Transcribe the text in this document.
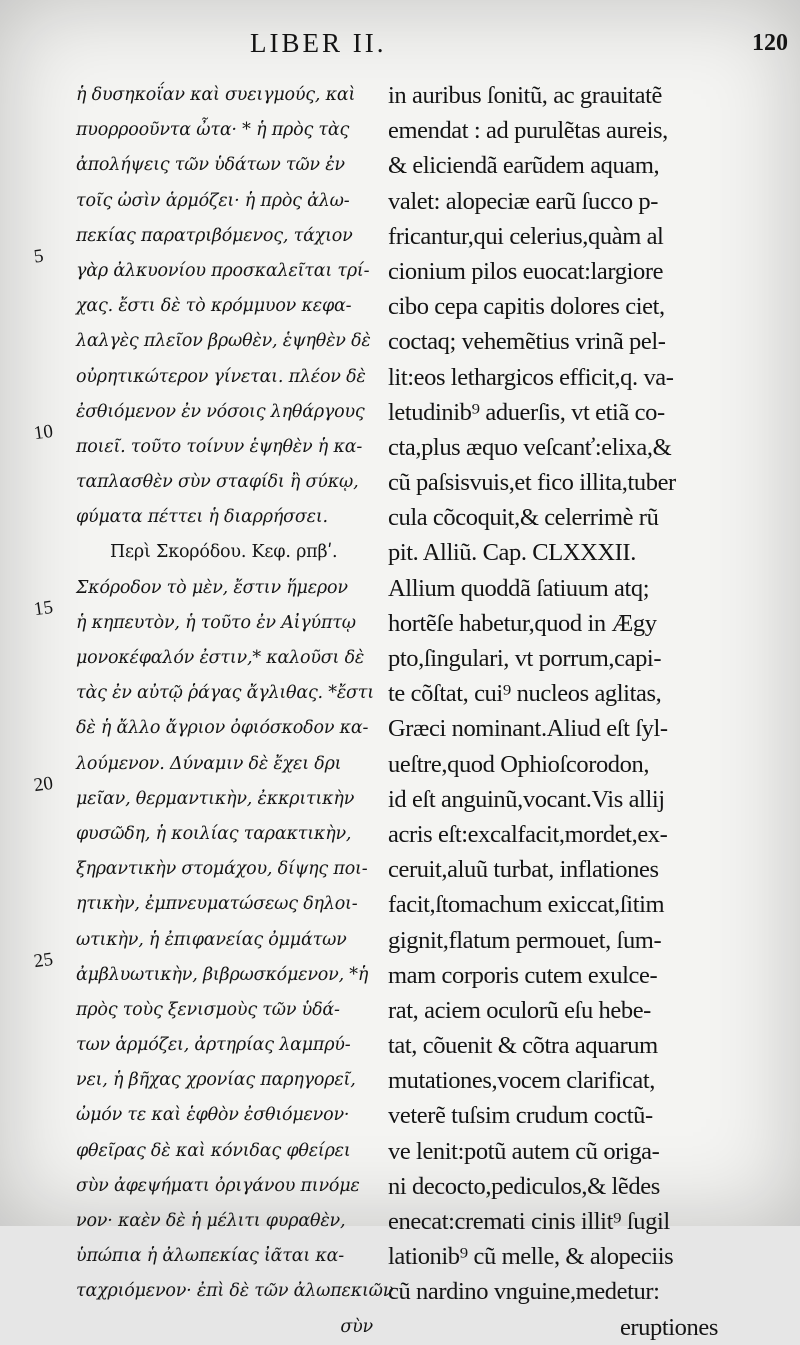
LIBER II.	120
5
10
15
20
25
ἡ δυσηκοΐαν καὶ συειγμούς, καὶ
πυορροοῦντα ὦτα· * ἡ πρὸς τὰς
ἀπολήψεις τῶν ὑδάτων τῶν ἐν
τοῖς ὠσὶν ἁρμόζει· ἡ πρὸς ἀλω-
πεκίας παρατριβόμενος, τάχιον
γὰρ ἀλκυονίου προσκαλεῖται τρί-
χας. ἔστι δὲ τὸ κρόμμυον κεφα-
λαλγὲς πλεῖον βρωθὲν, ἑψηθὲν δὲ
οὐρητικώτερον γίνεται. πλέον δὲ
ἐσθιόμενον ἐν νόσοις ληθάργους
ποιεῖ. τοῦτο τοίνυν ἑψηθὲν ἡ κα-
ταπλασθὲν σὺν σταφίδι ἢ σύκῳ,
φύματα πέττει ἡ διαρρήσσει.
Περὶ Σκορόδου. Κεφ. ρπβʹ.
Σκόροδον τὸ μὲν, ἔστιν ἥμερον
ἡ κηπευτὸν, ἡ τοῦτο ἐν Αἰγύπτῳ
μονοκέφαλόν ἐστιν,* καλοῦσι δὲ
τὰς ἐν αὐτῷ ῥάγας ἄγλιθας. *ἔστι
δὲ ἡ ἄλλο ἄγριον ὀφιόσκοδον κα-
λούμενον. Δύναμιν δὲ ἔχει δρι
μεῖαν, θερμαντικὴν, ἐκκριτικὴν
φυσῶδη, ἡ κοιλίας ταρακτικὴν,
ξηραντικὴν στομάχου, δίψης ποι-
ητικὴν, ἐμπνευματώσεως δηλοι-
ωτικὴν, ἡ ἐπιφανείας ὀμμάτων
ἀμβλυωτικὴν, βιβρωσκόμενον, *ἡ
πρὸς τοὺς ξενισμοὺς τῶν ὑδά-
των ἁρμόζει, ἀρτηρίας λαμπρύ-
νει, ἡ βῆχας χρονίας παρηγορεῖ,
ὠμόν τε καὶ ἑφθὸν ἐσθιόμενον·
φθεῖρας δὲ καὶ κόνιδας φθείρει
σὺν ἀφεψήματι ὀριγάνου πινόμε
νον· καὲν δὲ ἡ μέλιτι φυραθὲν,
ὑπώπια ἡ ἀλωπεκίας ἰᾶται κα-
ταχριόμενον· ἐπὶ δὲ τῶν ἀλωπεκιῶν
σὺν
in auribus ſonitũ, ac grauitatẽ
emendat : ad purulẽtas aureis,
& eliciendã earũdem aquam,
valet: alopeciæ earũ ſucco p-
fricantur,qui celerius,quàm al
cionium pilos euocat:largiore
cibo cepa capitis dolores ciet,
coctaq; vehemẽtius vrinã pel-
lit:eos lethargicos efficit,q. va-
letudinib⁹ aduerſis, vt etiã co-
cta,plus æquo veſcanť:elixa,&
cũ paſsisvuis,et fico illita,tuber
cula cõcoquit,& celerrimè rũ
pit. Alliũ. Cap. CLXXXII.
Allium quoddã ſatiuum atq;
hortẽſe habetur,quod in Ægy
pto,ſingulari, vt porrum,capi-
te cõſtat, cui⁹ nucleos aglitas,
Græci nominant.Aliud eſt ſyl-
ueſtre,quod Ophioſcorodon,
id eſt anguinũ,vocant.Vis allij
acris eſt:excalfacit,mordet,ex-
ceruit,aluũ turbat, inflationes
facit,ſtomachum exiccat,ſitim
gignit,flatum permouet, ſum-
mam corporis cutem exulce-
rat, aciem oculorũ eſu hebe-
tat, cõuenit & cõtra aquarum
mutationes,vocem clarificat,
veterẽ tuſsim crudum coctũ-
ve lenit:potũ autem cũ origa-
ni decocto,pediculos,& lẽdes
enecat:cremati cinis illit⁹ ſugil
lationib⁹ cũ melle, & alopeciis
cũ nardino vnguine,medetur:
eruptiones
